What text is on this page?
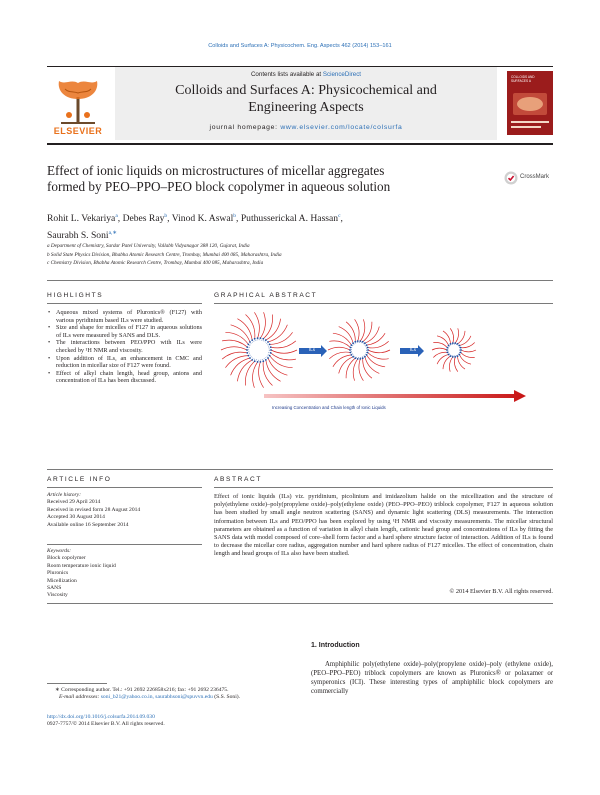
Colloids and Surfaces A: Physicochem. Eng. Aspects 462 (2014) 153–161
ELSEVIER
Contents lists available at ScienceDirect
Colloids and Surfaces A: Physicochemical and
Engineering Aspects
journal homepage: www.elsevier.com/locate/colsurfa
COLLOIDS AND SURFACES A
Effect of ionic liquids on microstructures of micellar aggregates
formed by PEO–PPO–PEO block copolymer in aqueous solution
CrossMark
Rohit L. Vekariya$^a$, Debes Ray$^b$, Vinod K. Aswal$^b$, Puthusserickal A. Hassan$^c$,
Saurabh S. Soni$^{a,∗}$
a Department of Chemistry, Sardar Patel University, Vallabh Vidyanagar 388 120, Gujarat, India
b Solid State Physics Division, Bhabha Atomic Research Centre, Trombay, Mumbai 400 085, Maharashtra, India
c Chemistry Division, Bhabha Atomic Research Centre, Trombay, Mumbai 400 085, Maharashtra, India
HIGHLIGHTS
• Aqueous mixed systems of Pluronics® (F127) with various pyridinium based ILs were studied.
• Size and shape for micelles of F127 in aqueous solutions of ILs were measured by SANS and DLS.
• The interactions between PEO/PPO with ILs were checked by ¹H NMR and viscosity.
• Upon addition of ILs, an enhancement in CMC and reduction in micellar size of F127 were found.
• Effect of alkyl chain length, head group, anions and concentration of ILs has been discussed.
GRAPHICAL ABSTRACT
ILs	ILs
Increasing Concentration and Chain length of Ionic Liquids
ARTICLE INFO
Article history:
Received 29 April 2014
Received in revised form 28 August 2014
Accepted 30 August 2014
Available online 16 September 2014
Keywords:
Block copolymer
Room temperature ionic liquid
Pluronics
Micellization
SANS
Viscosity
ABSTRACT
Effect of ionic liquids (ILs) viz. pyridinium, picolinium and imidazolium halide on the micellization and the structure of poly(ethylene oxide)–poly(propylene oxide)–poly(ethylene oxide) (PEO–PPO–PEO) triblock copolymer, F127 in aqueous solution has been studied by small angle neutron scattering (SANS) and dynamic light scattering (DLS) measurements. The interaction information between ILs and PEO/PPO has been explored by using ¹H NMR and viscosity measurements. The micellar structural parameters are obtained as a function of variation in alkyl chain length, cationic head group and concentrations of ILs by fitting the SANS data with model composed of core–shell form factor and a hard sphere structure factor of interaction. Addition of ILs is found to decrease the micellar core radius, aggregation number and hard sphere radius of F127 micelles. The effect of concentration, chain length and head groups of ILs also have been studied.
© 2014 Elsevier B.V. All rights reserved.
1. Introduction
Amphiphilic poly(ethylene oxide)–poly(propylene oxide)–poly (ethylene oxide), (PEO–PPO–PEO) triblock copolymers are known as Pluronics® or polaxamer or symperonics (ICI). These interesting types of amphiphilic block copolymers are commercially
∗ Corresponding author. Tel.: +91 2692 226858x216; fax: +91 2692 236475.
E-mail addresses: soni_b21@yahoo.co.in, saurabhsoni@spuvvn.edu (S.S. Soni).
http://dx.doi.org/10.1016/j.colsurfa.2014.09.030
0927-7757/© 2014 Elsevier B.V. All rights reserved.
